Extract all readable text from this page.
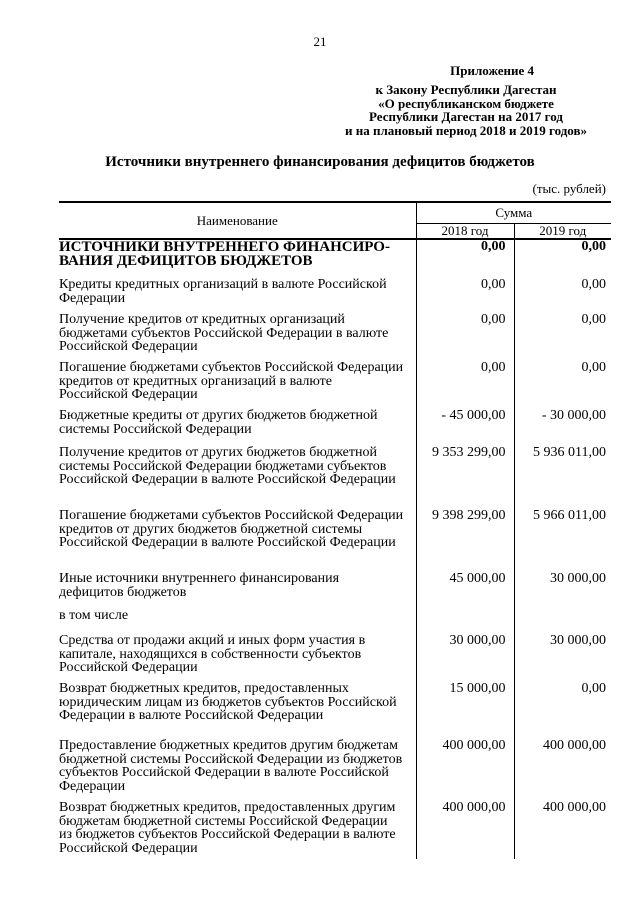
21
Приложение 4
к Закону Республики Дагестан
«О республиканском бюджете
Республики Дагестан на 2017 год
и на плановый период 2018 и 2019 годов»
Источники внутреннего финансирования дефицитов бюджетов
(тыс. рублей)
Наименование	Сумма	
	2018 год	2019 год

ИСТОЧНИКИ ВНУТРЕННЕГО ФИНАНСИРО-ВАНИЯ ДЕФИЦИТОВ БЮДЖЕТОВ	0,00	0,00
Кредиты кредитных организаций в валюте Российской Федерации	0,00	0,00
Получение кредитов от кредитных организаций бюджетами субъектов Российской Федерации в валюте Российской Федерации	0,00	0,00
Погашение бюджетами субъектов Российской Федерации кредитов от кредитных организаций в валюте Российской Федерации	0,00	0,00
Бюджетные кредиты от других бюджетов бюджетной системы Российской Федерации	- 45 000,00	- 30 000,00
Получение кредитов от других бюджетов бюджетной системы Российской Федерации бюджетами субъектов Российской Федерации в валюте Российской Федерации	9 353 299,00	5 936 011,00
Погашение бюджетами субъектов Российской Федерации кредитов от других бюджетов бюджетной системы Российской Федерации в валюте Российской Федерации	9 398 299,00	5 966 011,00
Иные источники внутреннего финансирования дефицитов бюджетов	45 000,00	30 000,00
в том числе		
Средства от продажи акций и иных форм участия в капитале, находящихся в собственности субъектов Российской Федерации	30 000,00	30 000,00
Возврат бюджетных кредитов, предоставленных юридическим лицам из бюджетов субъектов Российской Федерации в валюте Российской Федерации	15 000,00	0,00
Предоставление бюджетных кредитов другим бюджетам бюджетной системы Российской Федерации из бюджетов субъектов Российской Федерации в валюте Российской Федерации	400 000,00	400 000,00
Возврат бюджетных кредитов, предоставленных другим бюджетам бюджетной системы Российской Федерации из бюджетов субъектов Российской Федерации в валюте Российской Федерации	400 000,00	400 000,00
